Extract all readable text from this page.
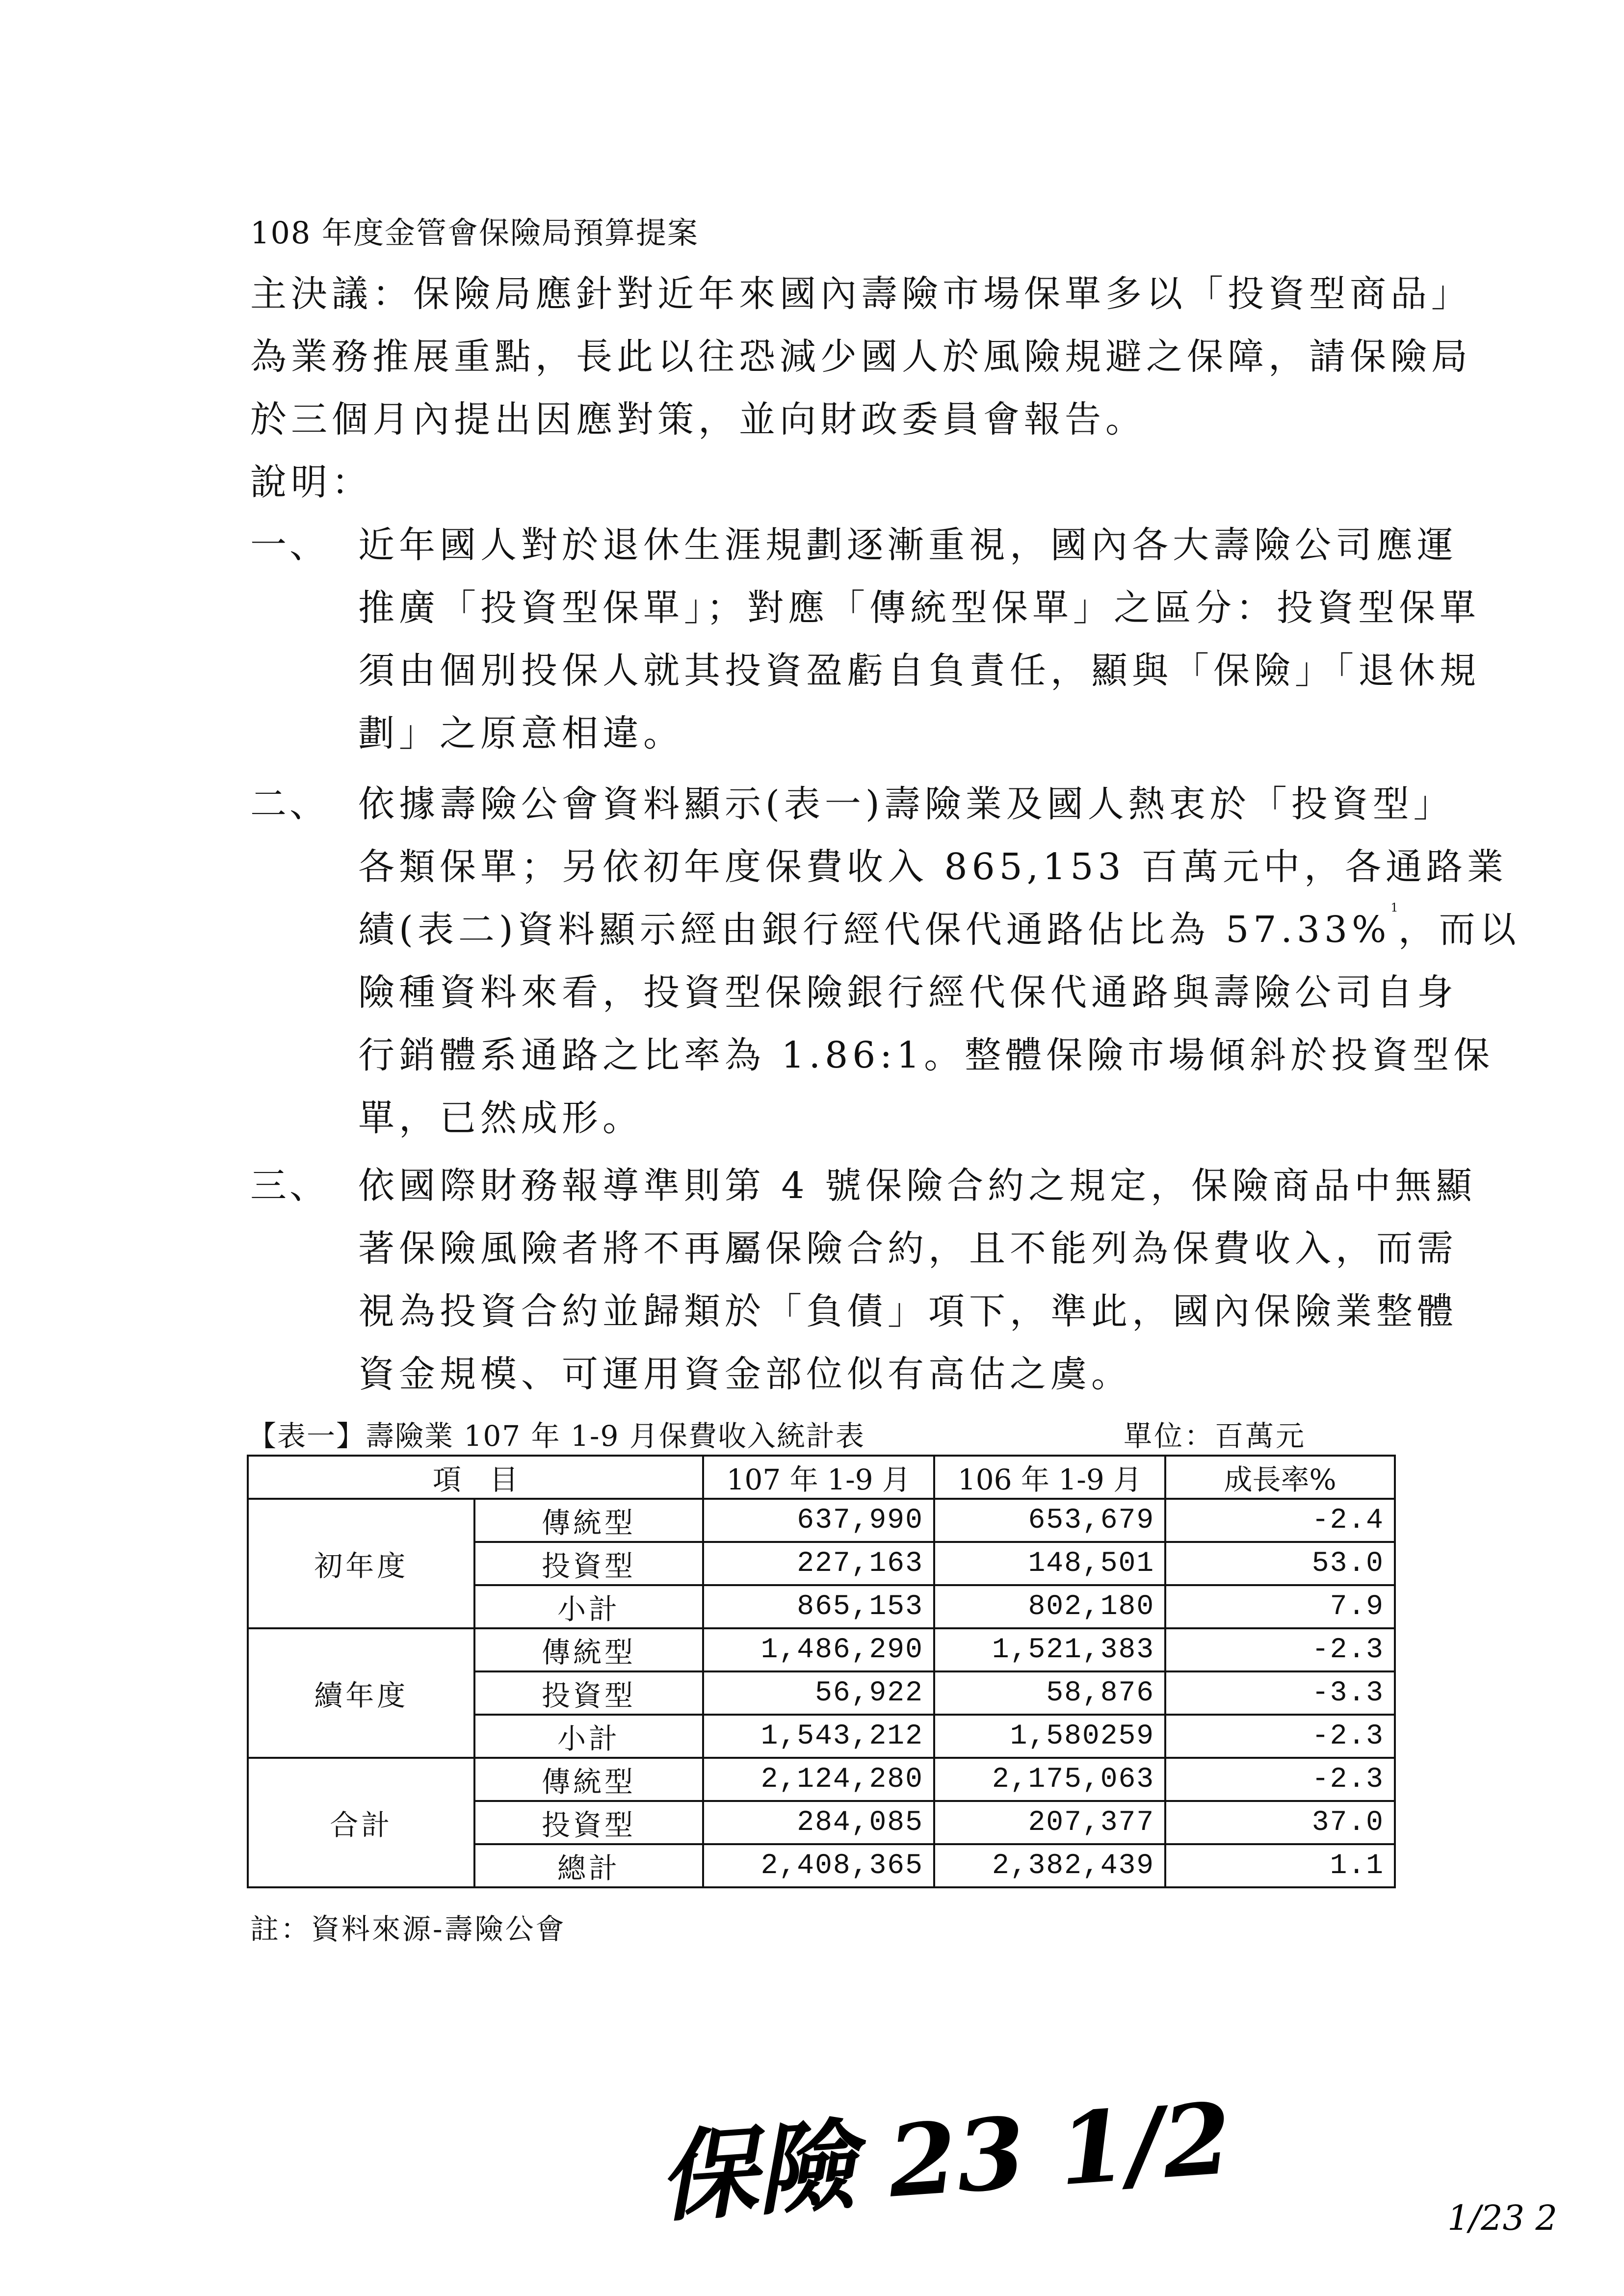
108 年度金管會保險局預算提案
主決議：保險局應針對近年來國內壽險市場保單多以「投資型商品」
為業務推展重點，長此以往恐減少國人於風險規避之保障，請保險局
於三個月內提出因應對策，並向財政委員會報告。
說明：
一、 近年國人對於退休生涯規劃逐漸重視，國內各大壽險公司應運
推廣「投資型保單」；對應「傳統型保單」之區分：投資型保單
須由個別投保人就其投資盈虧自負責任，顯與「保險」「退休規
劃」之原意相違。
二、 依據壽險公會資料顯示(表一)壽險業及國人熱衷於「投資型」
各類保單；另依初年度保費收入 865,153 百萬元中，各通路業
績(表二)資料顯示經由銀行經代保代通路佔比為 57.33%$^1$，而以
險種資料來看，投資型保險銀行經代保代通路與壽險公司自身
行銷體系通路之比率為 1.86:1。整體保險市場傾斜於投資型保
單，已然成形。
三、 依國際財務報導準則第 4 號保險合約之規定，保險商品中無顯
著保險風險者將不再屬保險合約，且不能列為保費收入，而需
視為投資合約並歸類於「負債」項下，準此，國內保險業整體
資金規模、可運用資金部位似有高估之虞。
【表一】壽險業 107 年 1-9 月保費收入統計表	單位：百萬元
項　目		107 年 1-9 月	106 年 1-9 月	成長率%
初年度	傳統型	637,990	653,679	-2.4
	投資型	227,163	148,501	53.0
	小計	865,153	802,180	7.9
續年度	傳統型	1,486,290	1,521,383	-2.3
	投資型	56,922	58,876	-3.3
	小計	1,543,212	1,580259	-2.3
合計	傳統型	2,124,280	2,175,063	-2.3
	投資型	284,085	207,377	37.0
	總計	2,408,365	2,382,439	1.1
註：資料來源-壽險公會
保險 23 1/2	1/23 2
